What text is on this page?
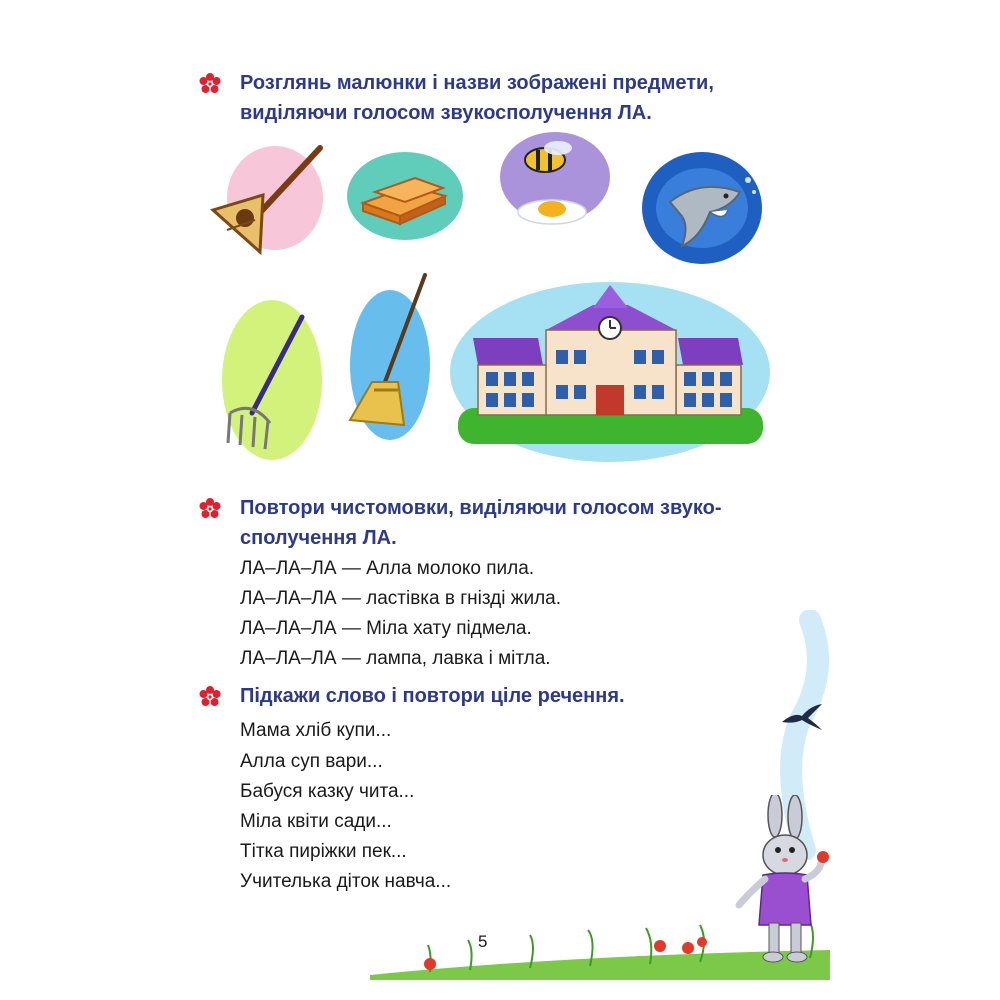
Розглянь малюнки і назви зображені предмети, виділяючи голосом звукосполучення ЛА.
Повтори чистомовки, виділяючи голосом звуко-
сполучення ЛА.
ЛА–ЛА–ЛА — Алла молоко пила.
ЛА–ЛА–ЛА — ластівка в гнізді жила.
ЛА–ЛА–ЛА — Міла хату підмела.
ЛА–ЛА–ЛА — лампа, лавка і мітла.
Підкажи слово і повтори ціле речення.
Мама хліб купи...
Алла суп вари...
Бабуся казку чита...
Міла квіти сади...
Тітка пиріжки пек...
Учителька діток навча...
5
